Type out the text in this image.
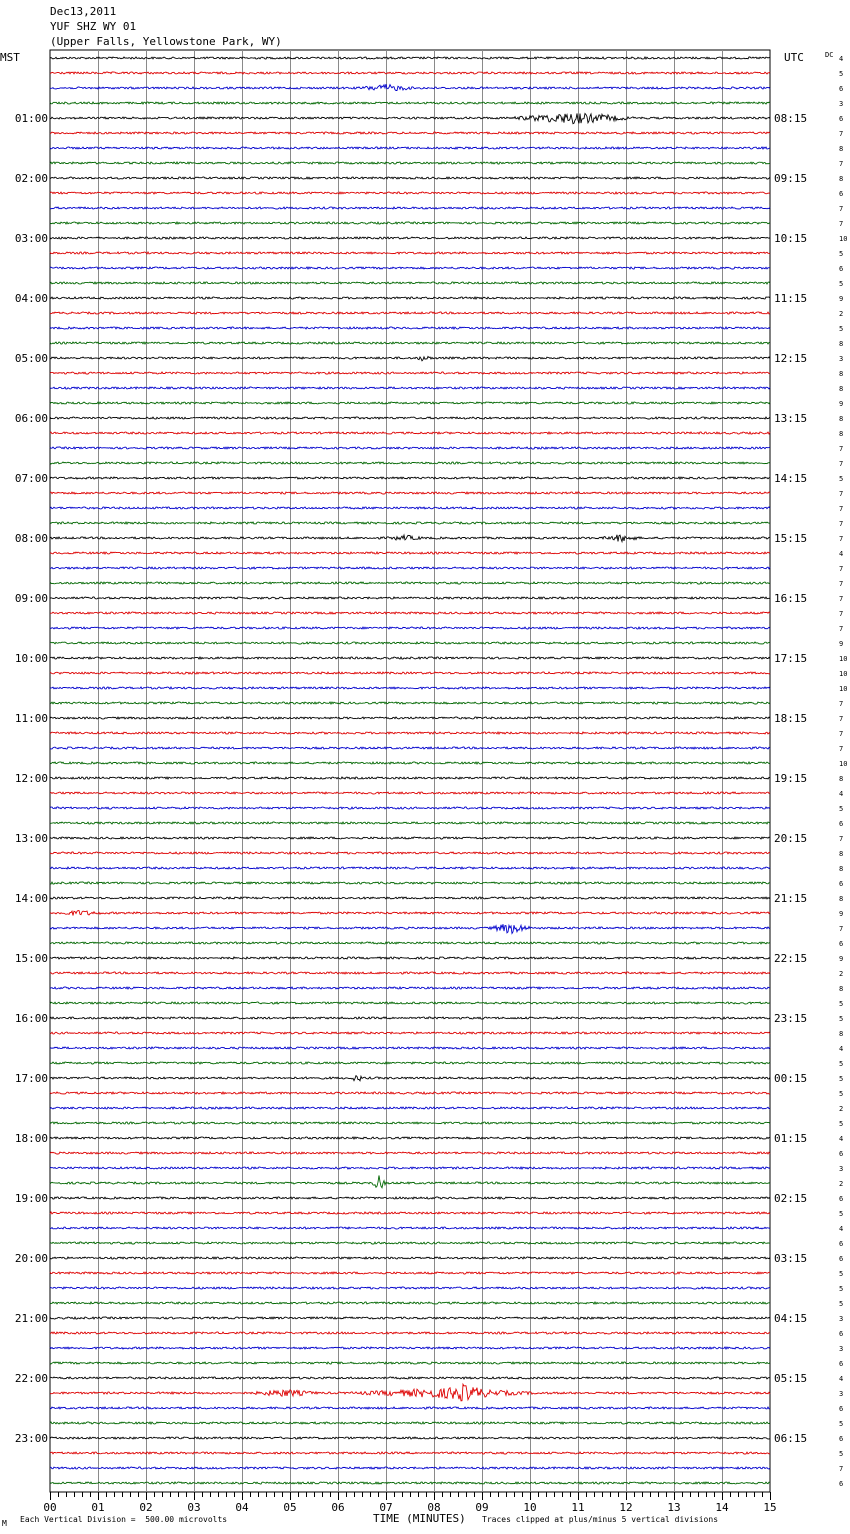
Dec13,2011
YUF SHZ WY 01
(Upper Falls, Yellowstone Park, WY)
MST	UTC	DC 4
5
6
3
6
7
8
7
8
6
7
7
10
5
6
5
9
2
5
8
3
8
8
9
8
8
7
7
5
7
7
7
7
4
7
7
7
7
7
9
10
10
10
7
7
7
7
10
8
4
5
6
7
8
8
6
8
9
7
6
9
2
8
5
5
8
4
5
5
5
2
5
4
6
3
2
6
5
4
6
6
5
5
5
3
6
3
6
4
3
6
5
6
5
7
6
01:00	08:15
02:00	09:15
03:00	10:15
04:00	11:15
05:00	12:15
06:00	13:15
07:00	14:15
08:00	15:15
09:00	16:15
10:00	17:15
11:00	18:15
12:00	19:15
13:00	20:15
14:00	21:15
15:00	22:15
16:00	23:15
17:00	00:15
18:00	01:15
19:00	02:15
20:00	03:15
21:00	04:15
22:00	05:15
23:00	06:15
00	01	02	03	04	05	06	07	08	09	10	11	12	13	14	15
M Each Vertical Division =  500.00 microvolts	TIME (MINUTES) Traces clipped at plus/minus 5 vertical divisions
